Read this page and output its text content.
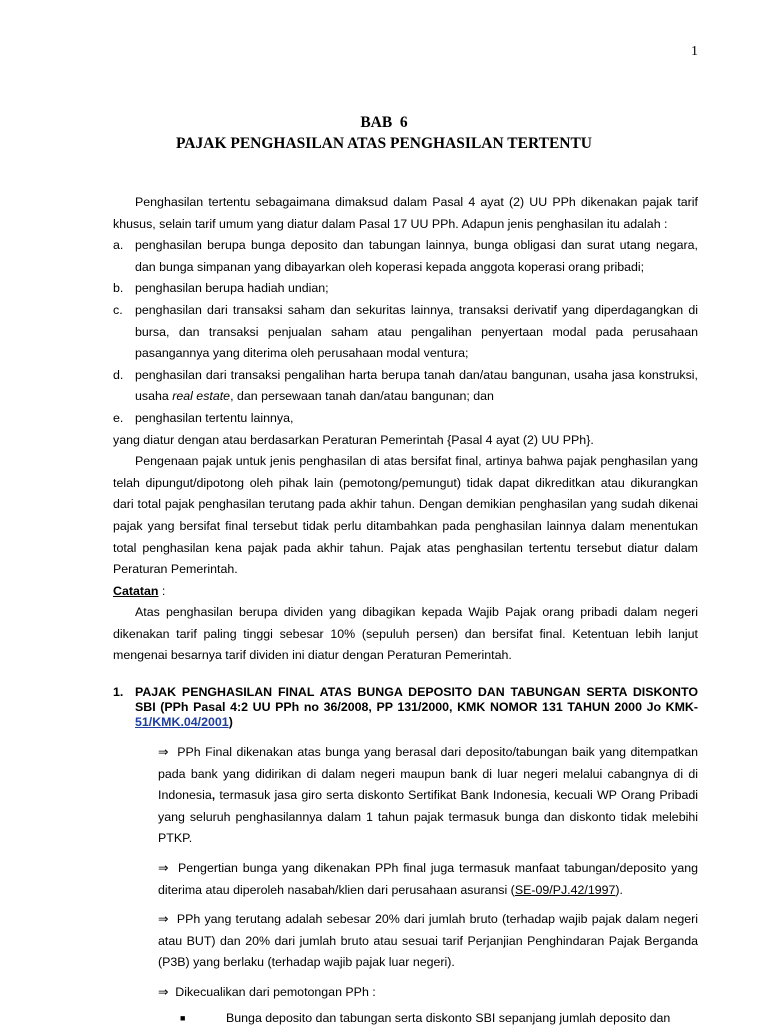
1
BAB  6
PAJAK PENGHASILAN ATAS PENGHASILAN TERTENTU

Penghasilan tertentu sebagaimana dimaksud dalam Pasal 4 ayat (2) UU PPh dikenakan pajak tarif khusus, selain tarif umum yang diatur dalam Pasal 17 UU PPh. Adapun jenis penghasilan itu adalah :

a. penghasilan berupa bunga deposito dan tabungan lainnya, bunga obligasi dan surat utang negara, dan bunga simpanan yang dibayarkan oleh koperasi kepada anggota koperasi orang pribadi;
b. penghasilan berupa hadiah undian;
c. penghasilan dari transaksi saham dan sekuritas lainnya, transaksi derivatif yang diperdagangkan di bursa, dan transaksi penjualan saham atau pengalihan penyertaan modal pada perusahaan pasangannya yang diterima oleh perusahaan modal ventura;
d. penghasilan dari transaksi pengalihan harta berupa tanah dan/atau bangunan, usaha jasa konstruksi, usaha real estate, dan persewaan tanah dan/atau bangunan; dan
e. penghasilan tertentu lainnya,

yang diatur dengan atau berdasarkan Peraturan Pemerintah {Pasal 4 ayat (2) UU PPh}.

Pengenaan pajak untuk jenis penghasilan di atas bersifat final, artinya bahwa pajak penghasilan yang telah dipungut/dipotong oleh pihak lain (pemotong/pemungut) tidak dapat dikreditkan atau dikurangkan dari total pajak penghasilan terutang pada akhir tahun. Dengan demikian penghasilan yang sudah dikenai pajak yang bersifat final tersebut tidak perlu ditambahkan pada penghasilan lainnya dalam menentukan total penghasilan kena pajak pada akhir tahun. Pajak atas penghasilan tertentu tersebut diatur dalam Peraturan Pemerintah.

Catatan :

Atas penghasilan berupa dividen yang dibagikan kepada Wajib Pajak orang pribadi dalam negeri dikenakan tarif paling tinggi sebesar 10% (sepuluh persen) dan bersifat final. Ketentuan lebih lanjut mengenai besarnya tarif dividen ini diatur dengan Peraturan Pemerintah.

1. PAJAK PENGHASILAN FINAL ATAS BUNGA DEPOSITO DAN TABUNGAN SERTA DISKONTO SBI (PPh Pasal 4:2 UU PPh no 36/2008, PP 131/2000, KMK NOMOR 131 TAHUN 2000 Jo KMK-51/KMK.04/2001)

⇒ PPh Final dikenakan atas bunga yang berasal dari deposito/tabungan baik yang ditempatkan pada bank yang didirikan di dalam negeri maupun bank di luar negeri melalui cabangnya di di Indonesia, termasuk jasa giro serta diskonto Sertifikat Bank Indonesia, kecuali WP Orang Pribadi yang seluruh penghasilannya dalam 1 tahun pajak termasuk bunga dan diskonto tidak melebihi PTKP.

⇒ Pengertian bunga yang dikenakan PPh final juga termasuk manfaat tabungan/deposito yang diterima atau diperoleh nasabah/klien dari perusahaan asuransi (SE-09/PJ.42/1997).

⇒ PPh yang terutang adalah sebesar 20% dari jumlah bruto (terhadap wajib pajak dalam negeri atau BUT) dan 20% dari jumlah bruto atau sesuai tarif Perjanjian Penghindaran Pajak Berganda (P3B) yang berlaku (terhadap wajib pajak luar negeri).

⇒ Dikecualikan dari pemotongan PPh :

■	Bunga deposito dan tabungan serta diskonto SBI sepanjang jumlah deposito dan
